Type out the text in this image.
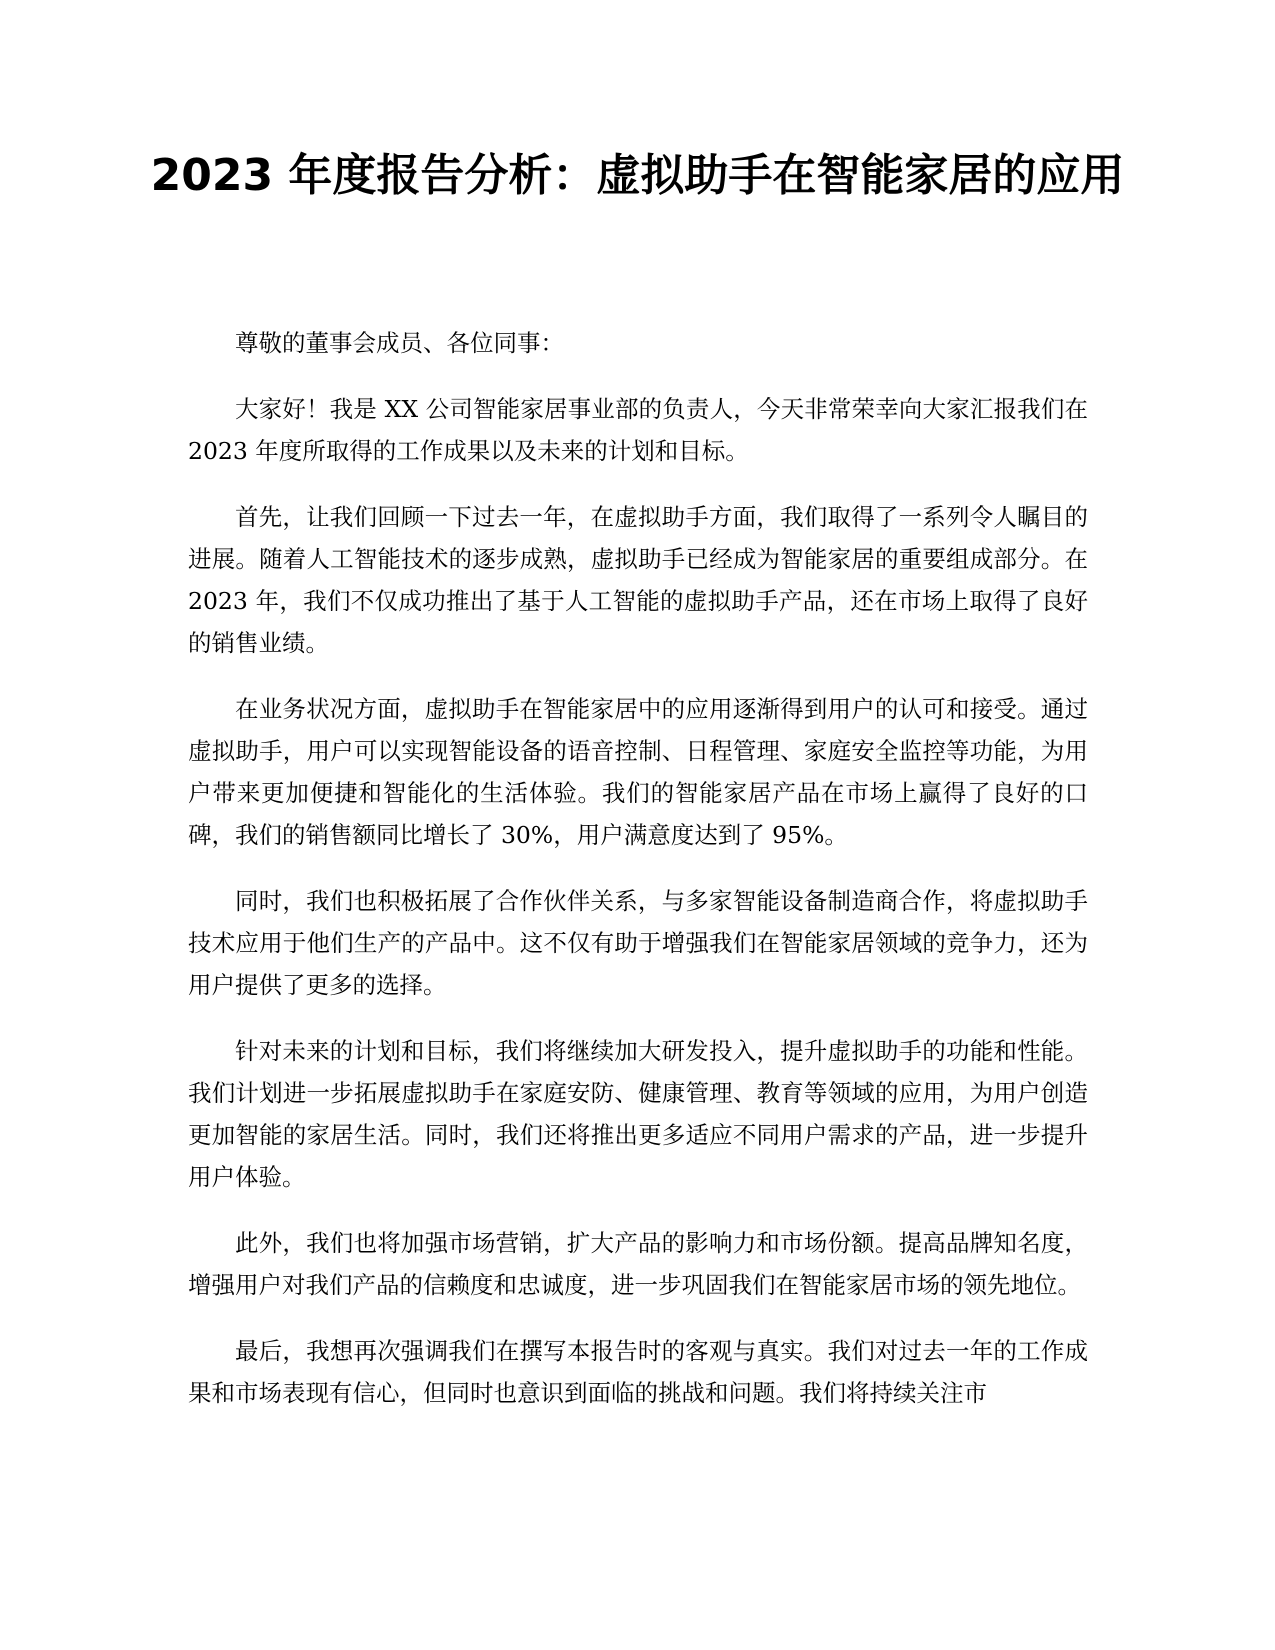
2023 年度报告分析：虚拟助手在智能家居的应用

尊敬的董事会成员、各位同事：

大家好！我是 XX 公司智能家居事业部的负责人，今天非常荣幸向大家汇报我们在 2023 年度所取得的工作成果以及未来的计划和目标。

首先，让我们回顾一下过去一年，在虚拟助手方面，我们取得了一系列令人瞩目的进展。随着人工智能技术的逐步成熟，虚拟助手已经成为智能家居的重要组成部分。在 2023 年，我们不仅成功推出了基于人工智能的虚拟助手产品，还在市场上取得了良好的销售业绩。

在业务状况方面，虚拟助手在智能家居中的应用逐渐得到用户的认可和接受。通过虚拟助手，用户可以实现智能设备的语音控制、日程管理、家庭安全监控等功能，为用户带来更加便捷和智能化的生活体验。我们的智能家居产品在市场上赢得了良好的口碑，我们的销售额同比增长了 30%，用户满意度达到了 95%。

同时，我们也积极拓展了合作伙伴关系，与多家智能设备制造商合作，将虚拟助手技术应用于他们生产的产品中。这不仅有助于增强我们在智能家居领域的竞争力，还为用户提供了更多的选择。

针对未来的计划和目标，我们将继续加大研发投入，提升虚拟助手的功能和性能。我们计划进一步拓展虚拟助手在家庭安防、健康管理、教育等领域的应用，为用户创造更加智能的家居生活。同时，我们还将推出更多适应不同用户需求的产品，进一步提升用户体验。

此外，我们也将加强市场营销，扩大产品的影响力和市场份额。提高品牌知名度，增强用户对我们产品的信赖度和忠诚度，进一步巩固我们在智能家居市场的领先地位。

最后，我想再次强调我们在撰写本报告时的客观与真实。我们对过去一年的工作成果和市场表现有信心，但同时也意识到面临的挑战和问题。我们将持续关注市
